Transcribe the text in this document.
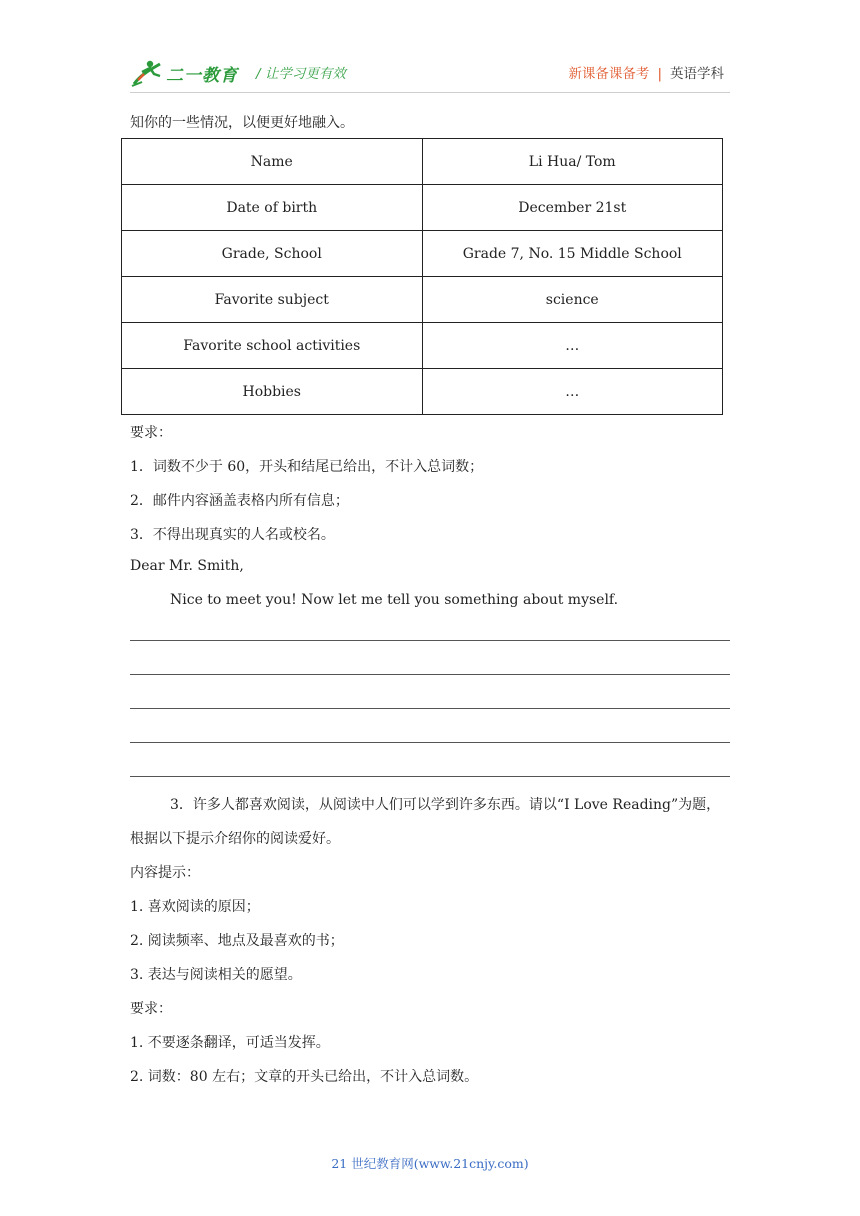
二一教育 / 让学习更有效	新课备课备考 | 英语学科
知你的一些情况，以便更好地融入。
Name	Li Hua/ Tom
Date of birth	December 21st
Grade, School	Grade 7, No. 15 Middle School
Favorite subject	science
Favorite school activities	…
Hobbies	…
要求：
1．词数不少于 60，开头和结尾已给出，不计入总词数；
2．邮件内容涵盖表格内所有信息；
3．不得出现真实的人名或校名。
Dear Mr. Smith,
Nice to meet you! Now let me tell you something about myself.
3．许多人都喜欢阅读，从阅读中人们可以学到许多东西。请以“I Love Reading”为题，
根据以下提示介绍你的阅读爱好。
内容提示：
1. 喜欢阅读的原因；
2. 阅读频率、地点及最喜欢的书；
3. 表达与阅读相关的愿望。
要求：
1. 不要逐条翻译，可适当发挥。
2. 词数：80 左右；文章的开头已给出，不计入总词数。
21 世纪教育网(www.21cnjy.com)
